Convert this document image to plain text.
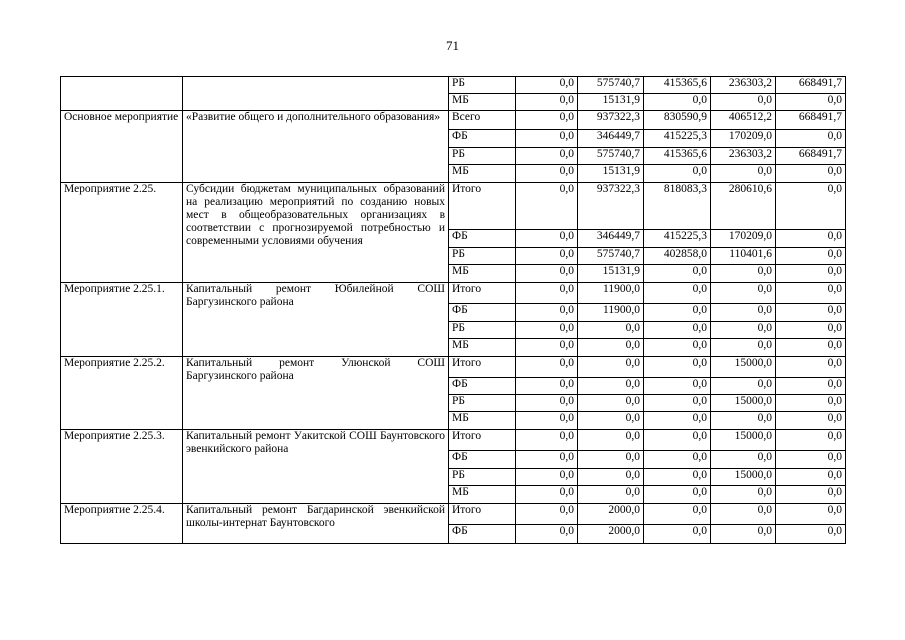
71
		РБ	0,0	575740,7	415365,6	236303,2	668491,7
		МБ	0,0	15131,9	0,0	0,0	0,0
Основное мероприятие	«Развитие общего и дополнительного образования»	Всего	0,0	937322,3	830590,9	406512,2	668491,7
		ФБ	0,0	346449,7	415225,3	170209,0	0,0
		РБ	0,0	575740,7	415365,6	236303,2	668491,7
		МБ	0,0	15131,9	0,0	0,0	0,0
Мероприятие 2.25.	Субсидии бюджетам муниципальных образований на реализацию мероприятий по созданию новых мест в общеобразовательных организациях в соответствии с прогнозируемой потребностью и современными условиями обучения	Итого	0,0	937322,3	818083,3	280610,6	0,0
		ФБ	0,0	346449,7	415225,3	170209,0	0,0
		РБ	0,0	575740,7	402858,0	110401,6	0,0
		МБ	0,0	15131,9	0,0	0,0	0,0
Мероприятие 2.25.1.	Капитальный ремонт Юбилейной СОШ Баргузинского района	Итого	0,0	11900,0	0,0	0,0	0,0
		ФБ	0,0	11900,0	0,0	0,0	0,0
		РБ	0,0	0,0	0,0	0,0	0,0
		МБ	0,0	0,0	0,0	0,0	0,0
Мероприятие 2.25.2.	Капитальный ремонт Улюнской СОШ Баргузинского района	Итого	0,0	0,0	0,0	15000,0	0,0
		ФБ	0,0	0,0	0,0	0,0	0,0
		РБ	0,0	0,0	0,0	15000,0	0,0
		МБ	0,0	0,0	0,0	0,0	0,0
Мероприятие 2.25.3.	Капитальный ремонт Уакитской СОШ Баунтовского эвенкийского района	Итого	0,0	0,0	0,0	15000,0	0,0
		ФБ	0,0	0,0	0,0	0,0	0,0
		РБ	0,0	0,0	0,0	15000,0	0,0
		МБ	0,0	0,0	0,0	0,0	0,0
Мероприятие 2.25.4.	Капитальный ремонт Багдаринской эвенкийской школы-интернат Баунтовского	Итого	0,0	2000,0	0,0	0,0	0,0
		ФБ	0,0	2000,0	0,0	0,0	0,0
